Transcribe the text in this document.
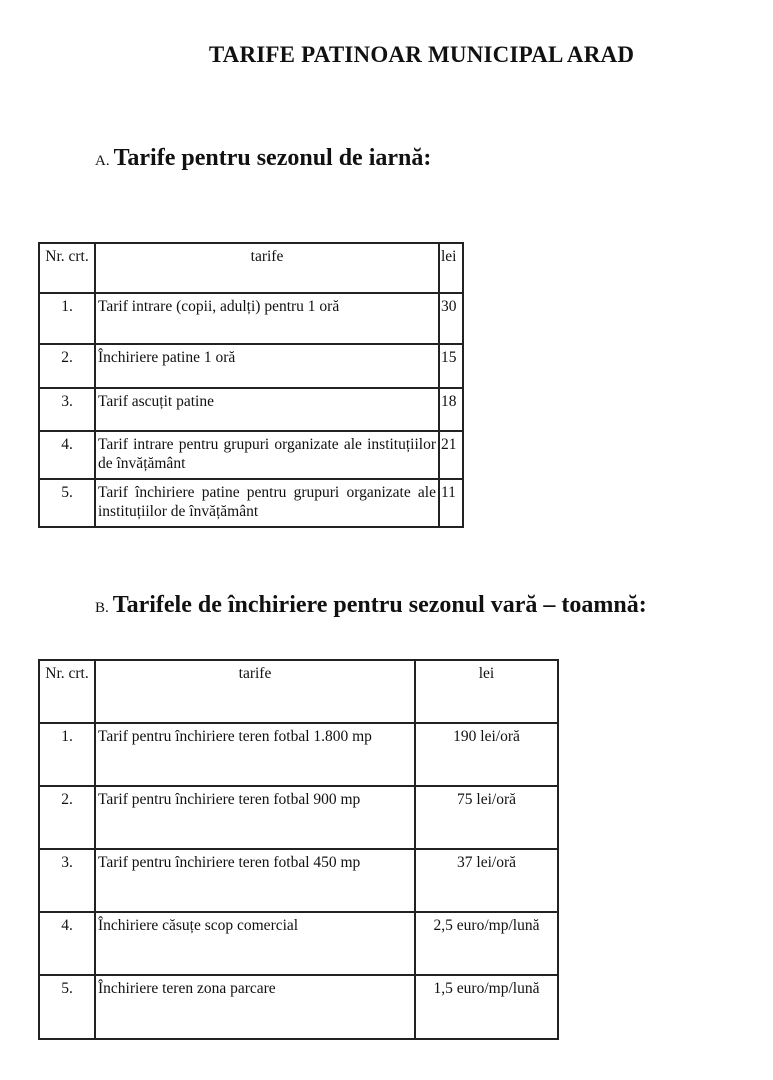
TARIFE PATINOAR MUNICIPAL ARAD
A. Tarife pentru sezonul de iarnă:
Nr. crt.	tarife	lei
1.	Tarif intrare (copii, adulți) pentru 1 oră	30
2.	Închiriere patine 1 oră	15
3.	Tarif ascuțit patine	18
4.	Tarif intrare pentru grupuri organizate ale instituțiilor de învățământ	21
5.	Tarif închiriere patine pentru grupuri organizate ale instituțiilor de învățământ	11
B. Tarifele de închiriere pentru sezonul vară – toamnă:
Nr. crt.	tarife	lei
1.	Tarif pentru închiriere teren fotbal 1.800 mp	190 lei/oră
2.	Tarif pentru închiriere teren fotbal 900 mp	75 lei/oră
3.	Tarif pentru închiriere teren fotbal 450 mp	37 lei/oră
4.	Închiriere căsuțe scop comercial	2,5 euro/mp/lună
5.	Închiriere teren zona parcare	1,5 euro/mp/lună
